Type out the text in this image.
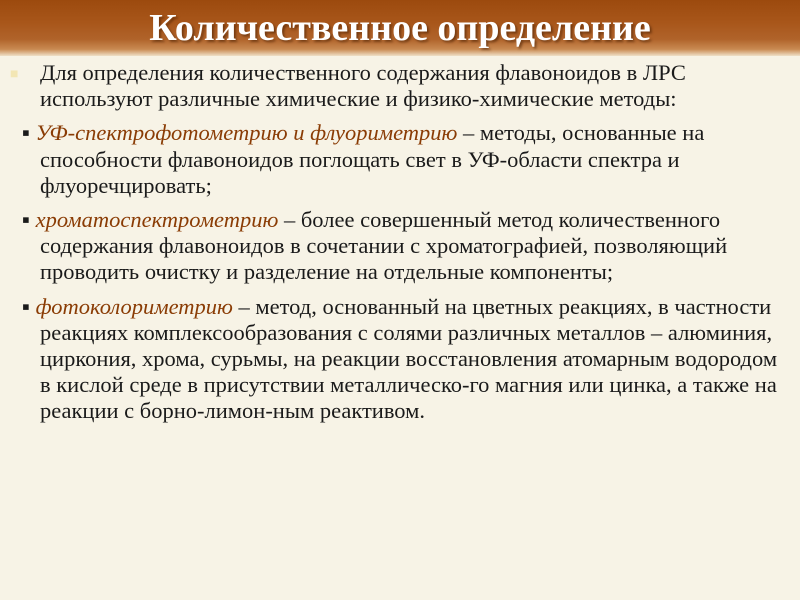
Количественное определение
■ Для определения количественного содержания флавоноидов в ЛРС используют различные химические и физико-химические методы:
▪ УФ-спектрофотометрию и флуориметрию – методы, основанные на способности флавоноидов поглощать свет в УФ-области спектра и флуоречцировать;
▪ хроматоспектрометрию – более совершенный метод количественного содержания флавоноидов в сочетании с хроматографией, позволяющий проводить очистку и разделение на отдельные компоненты;
▪ фотоколориметрию – метод, основанный на цветных реакциях, в частности реакциях комплексообразования с солями различных металлов – алюминия, циркония, хрома, сурьмы, на реакции восстановления атомарным водородом в кислой среде в присутствии металлическо-го магния или цинка, а также на реакции с борно-лимон-ным реактивом.
